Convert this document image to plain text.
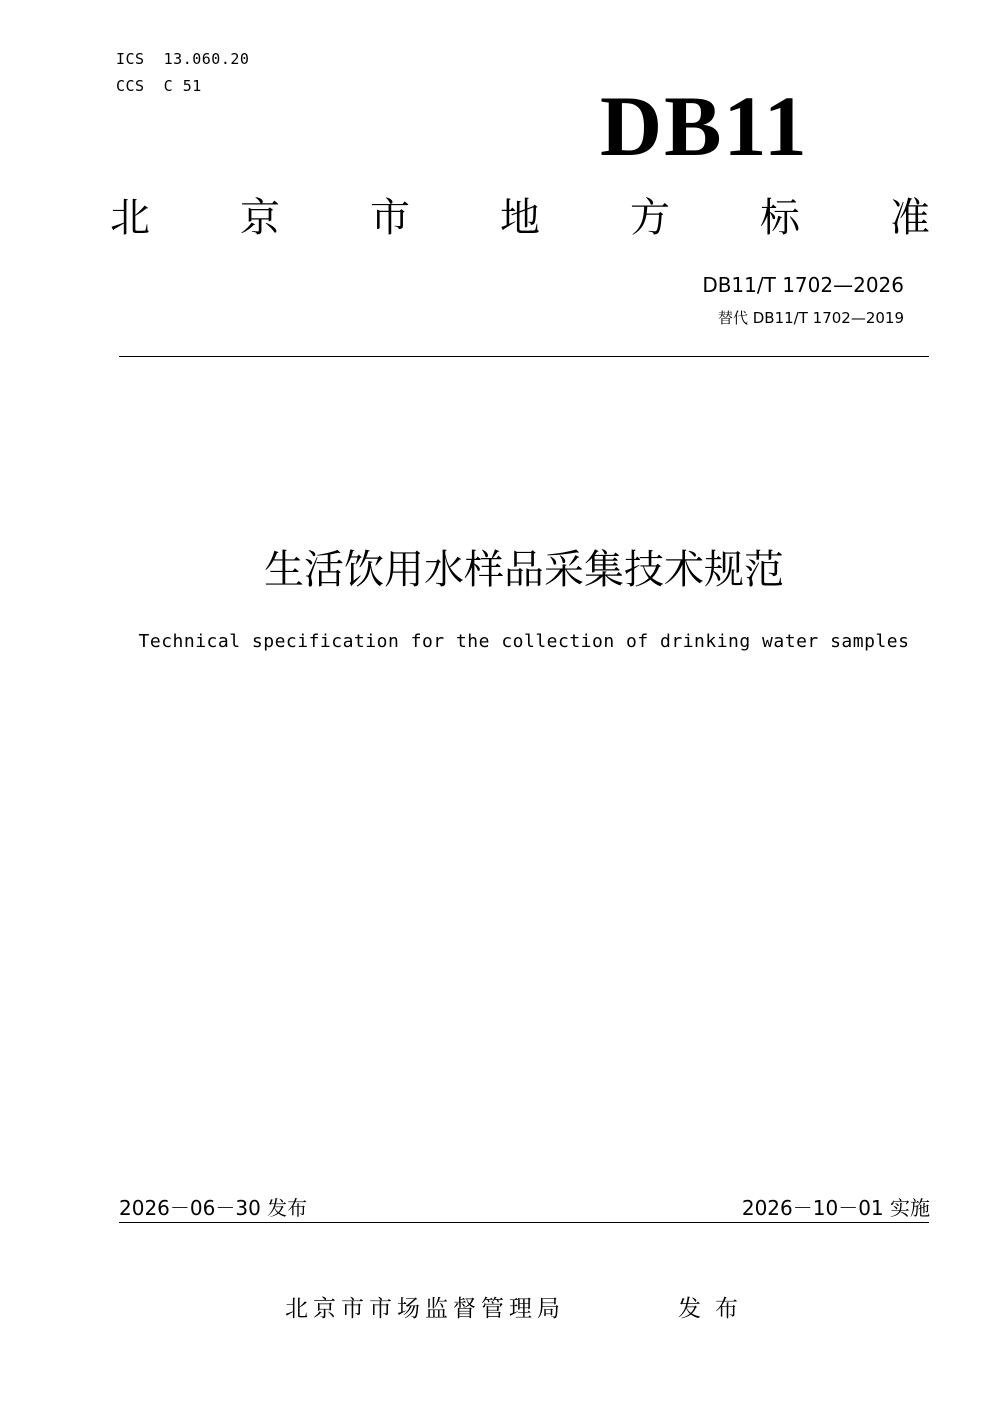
ICS  13.060.20
CCS  C 51	DB11
北 京 市 地 方 标 准
DB11/T 1702—2026
替代 DB11/T 1702—2019
生活饮用水样品采集技术规范
Technical specification for the collection of drinking water samples
2026－06－30 发布	2026－10－01 实施
北京市市场监督管理局	发布
